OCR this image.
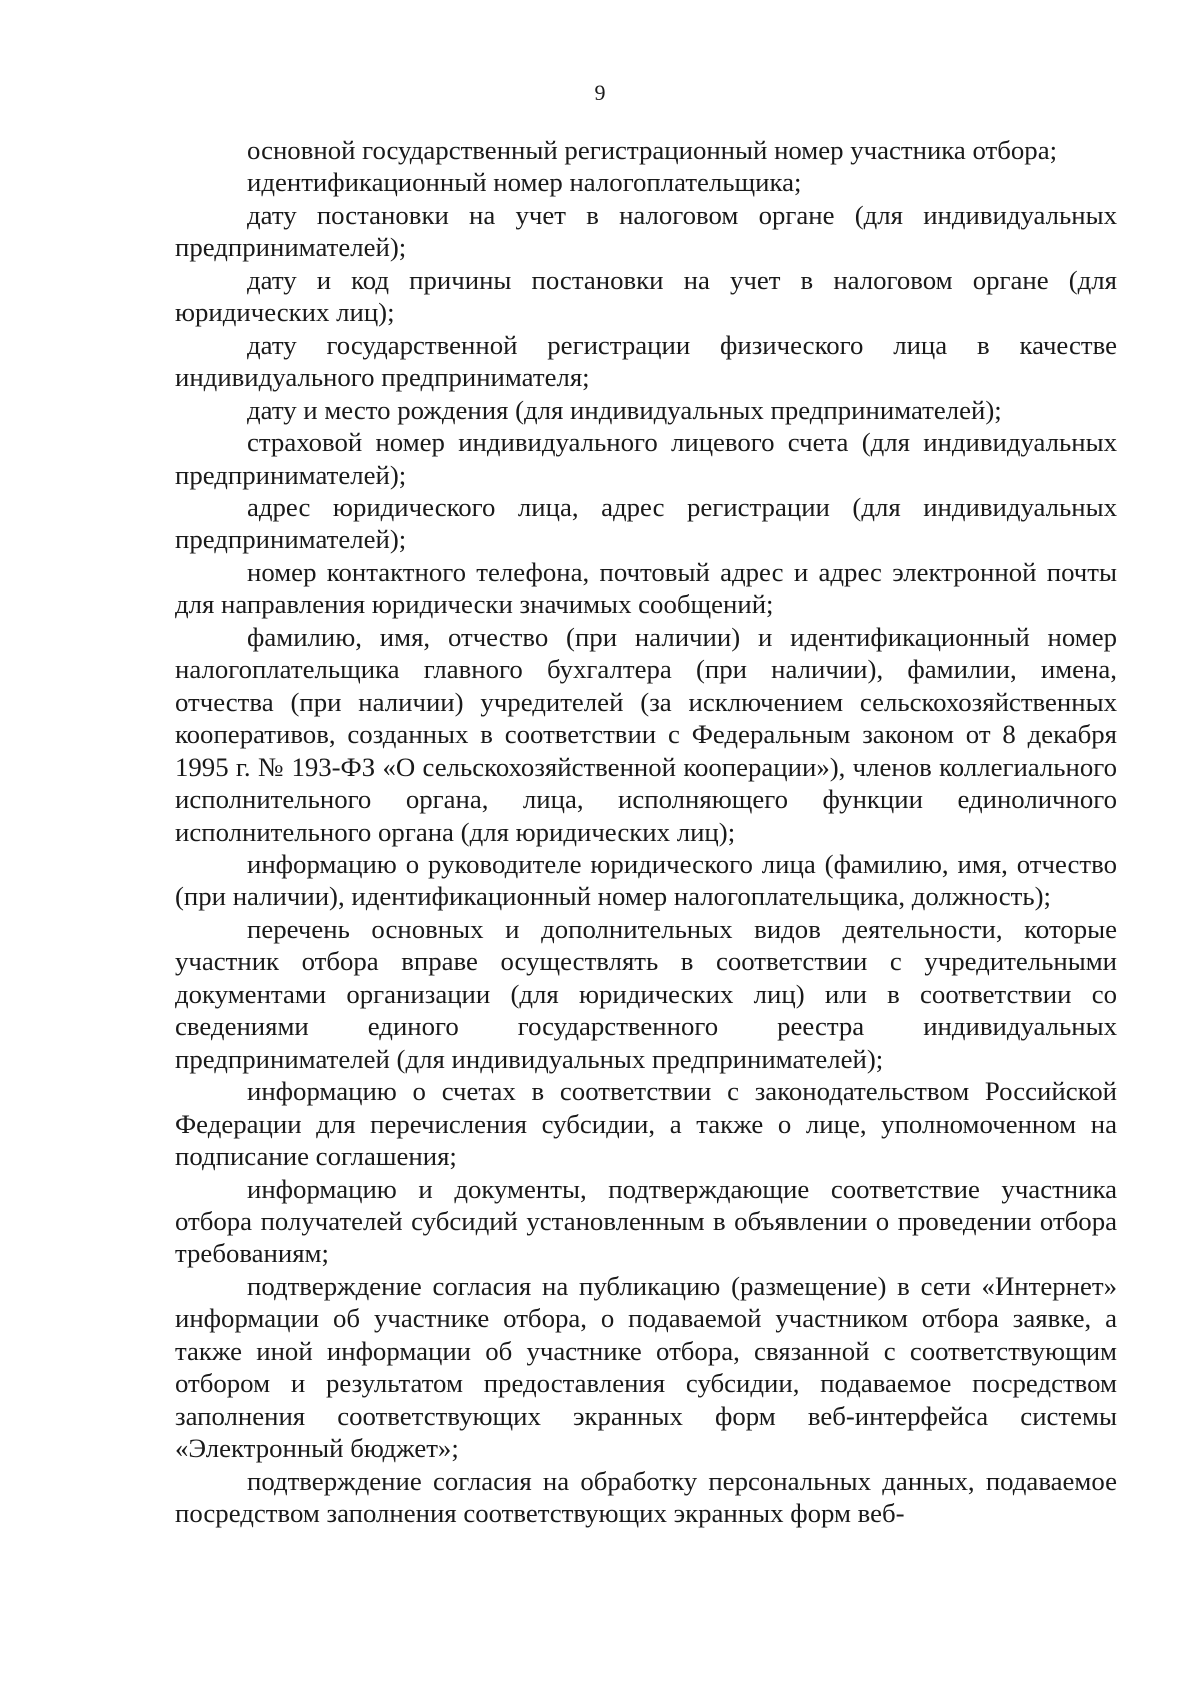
9

основной государственный регистрационный номер участника отбора;

идентификационный номер налогоплательщика;

дату постановки на учет в налоговом органе (для индивидуальных предпринимателей);

дату и код причины постановки на учет в налоговом органе (для юридических лиц);

дату государственной регистрации физического лица в качестве индивидуального предпринимателя;

дату и место рождения (для индивидуальных предпринимателей);

страховой номер индивидуального лицевого счета (для индивидуальных предпринимателей);

адрес юридического лица, адрес регистрации (для индивидуальных предпринимателей);

номер контактного телефона, почтовый адрес и адрес электронной почты для направления юридически значимых сообщений;

фамилию, имя, отчество (при наличии) и идентификационный номер налогоплательщика главного бухгалтера (при наличии), фамилии, имена, отчества (при наличии) учредителей (за исключением сельскохозяйственных кооперативов, созданных в соответствии с Федеральным законом от 8 декабря 1995 г. № 193-ФЗ «О сельскохозяйственной кооперации»), членов коллегиального исполнительного органа, лица, исполняющего функции единоличного исполнительного органа (для юридических лиц);

информацию о руководителе юридического лица (фамилию, имя, отчество (при наличии), идентификационный номер налогоплательщика, должность);

перечень основных и дополнительных видов деятельности, которые участник отбора вправе осуществлять в соответствии с учредительными документами организации (для юридических лиц) или в соответствии со сведениями единого государственного реестра индивидуальных предпринимателей (для индивидуальных предпринимателей);

информацию о счетах в соответствии с законодательством Российской Федерации для перечисления субсидии, а также о лице, уполномоченном на подписание соглашения;

информацию и документы, подтверждающие соответствие участника отбора получателей субсидий установленным в объявлении о проведении отбора требованиям;

подтверждение согласия на публикацию (размещение) в сети «Интернет» информации об участнике отбора, о подаваемой участником отбора заявке, а также иной информации об участнике отбора, связанной с соответствующим отбором и результатом предоставления субсидии, подаваемое посредством заполнения соответствующих экранных форм веб-интерфейса системы «Электронный бюджет»;

подтверждение согласия на обработку персональных данных, подаваемое посредством заполнения соответствующих экранных форм веб-
